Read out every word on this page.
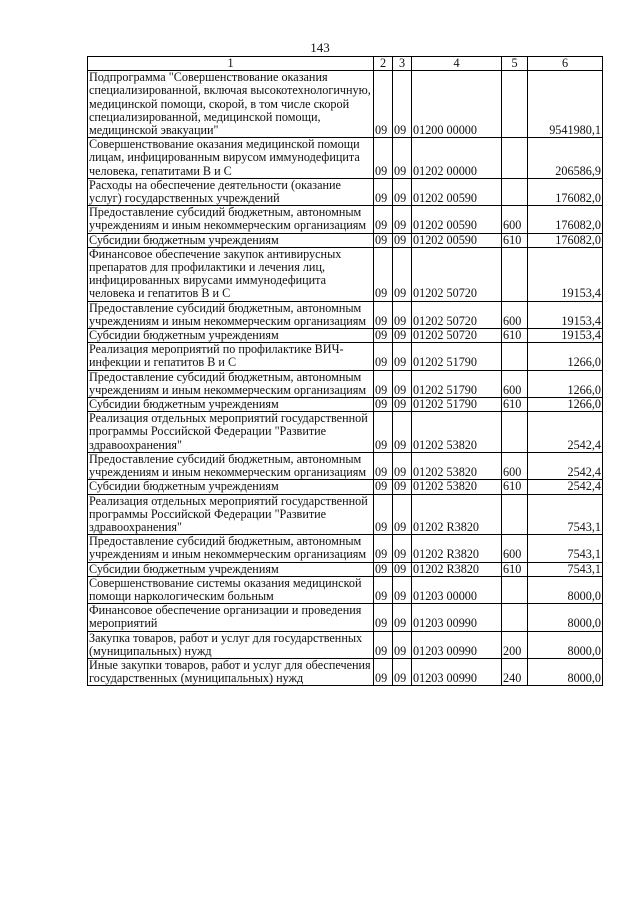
143
1	2	3	4	5	6
Подпрограмма "Совершенствование оказания специализированной, включая высокотехнологичную, медицинской помощи, скорой, в том числе скорой специализированной, медицинской помощи, медицинской эвакуации"	09	09	01200 00000		9541980,1
Совершенствование оказания медицинской помощи лицам, инфицированным вирусом иммунодефицита человека, гепатитами В и С	09	09	01202 00000		206586,9
Расходы на обеспечение деятельности (оказание услуг) государственных учреждений	09	09	01202 00590		176082,0
Предоставление субсидий бюджетным, автономным учреждениям и иным некоммерческим организациям	09	09	01202 00590	600	176082,0
Субсидии бюджетным учреждениям	09	09	01202 00590	610	176082,0
Финансовое обеспечение закупок антивирусных препаратов для профилактики и лечения лиц, инфицированных вирусами иммунодефицита человека и гепатитов В и С	09	09	01202 50720		19153,4
Предоставление субсидий бюджетным, автономным учреждениям и иным некоммерческим организациям	09	09	01202 50720	600	19153,4
Субсидии бюджетным учреждениям	09	09	01202 50720	610	19153,4
Реализация мероприятий по профилактике ВИЧ-инфекции и гепатитов В и С	09	09	01202 51790		1266,0
Предоставление субсидий бюджетным, автономным учреждениям и иным некоммерческим организациям	09	09	01202 51790	600	1266,0
Субсидии бюджетным учреждениям	09	09	01202 51790	610	1266,0
Реализация отдельных мероприятий государственной программы Российской Федерации "Развитие здравоохранения"	09	09	01202 53820		2542,4
Предоставление субсидий бюджетным, автономным учреждениям и иным некоммерческим организациям	09	09	01202 53820	600	2542,4
Субсидии бюджетным учреждениям	09	09	01202 53820	610	2542,4
Реализация отдельных мероприятий государственной программы Российской Федерации "Развитие здравоохранения"	09	09	01202 R3820		7543,1
Предоставление субсидий бюджетным, автономным учреждениям и иным некоммерческим организациям	09	09	01202 R3820	600	7543,1
Субсидии бюджетным учреждениям	09	09	01202 R3820	610	7543,1
Совершенствование системы оказания медицинской помощи наркологическим больным	09	09	01203 00000		8000,0
Финансовое обеспечение организации и проведения мероприятий	09	09	01203 00990		8000,0
Закупка товаров, работ и услуг для государственных (муниципальных) нужд	09	09	01203 00990	200	8000,0
Иные закупки товаров, работ и услуг для обеспечения государственных (муниципальных) нужд	09	09	01203 00990	240	8000,0
